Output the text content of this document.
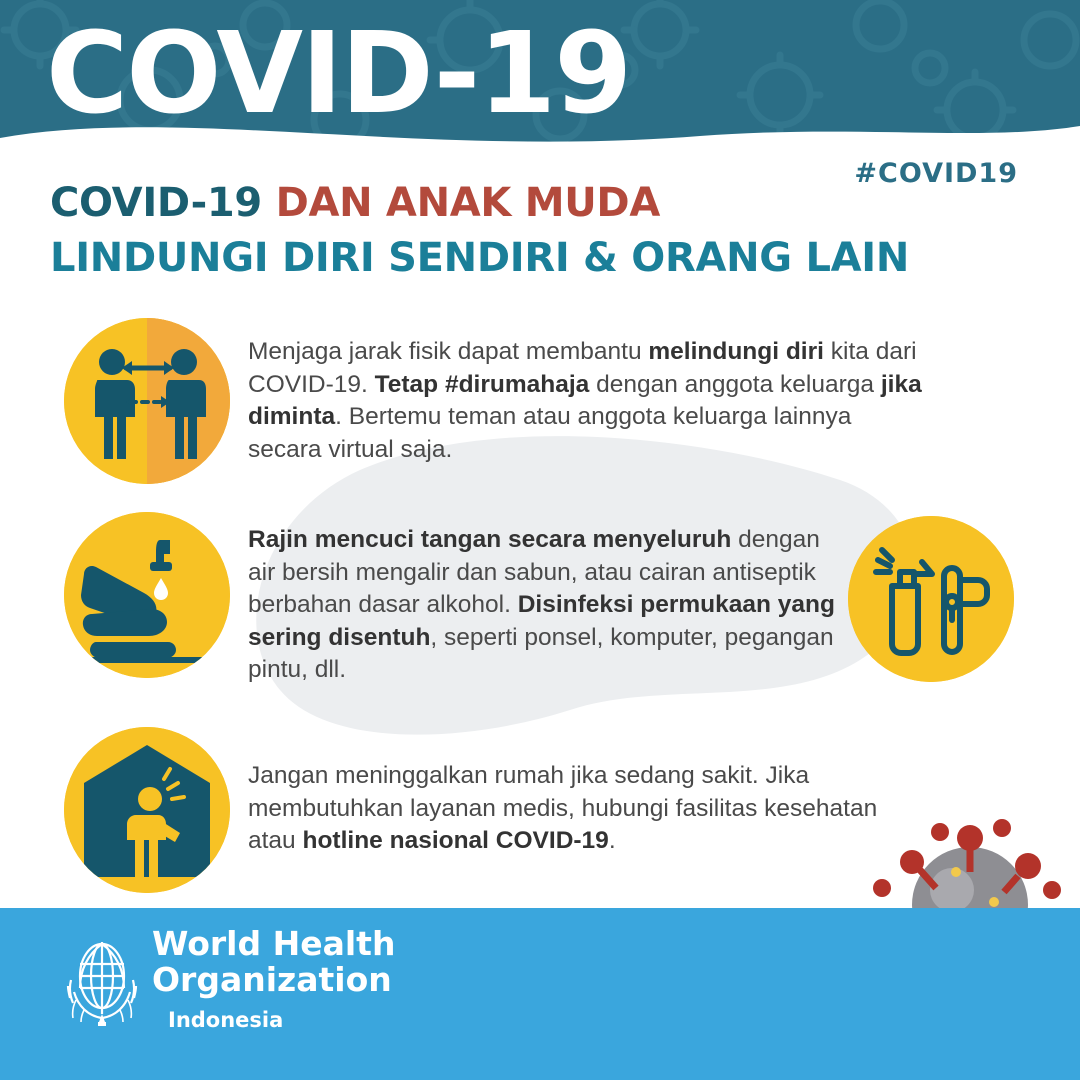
COVID-19
#COVID19
COVID-19 DAN ANAK MUDA
LINDUNGI DIRI SENDIRI & ORANG LAIN
Menjaga jarak fisik dapat membantu melindungi diri kita dari COVID-19. Tetap #dirumahaja dengan anggota keluarga jika diminta. Bertemu teman atau anggota keluarga lainnya secara virtual saja.
Rajin mencuci tangan secara menyeluruh dengan air bersih mengalir dan sabun, atau cairan antiseptik berbahan dasar alkohol. Disinfeksi permukaan yang sering disentuh, seperti ponsel, komputer, pegangan pintu, dll.
Jangan meninggalkan rumah jika sedang sakit. Jika membutuhkan layanan medis, hubungi fasilitas kesehatan atau hotline nasional COVID-19.
World Health
Organization
Indonesia
